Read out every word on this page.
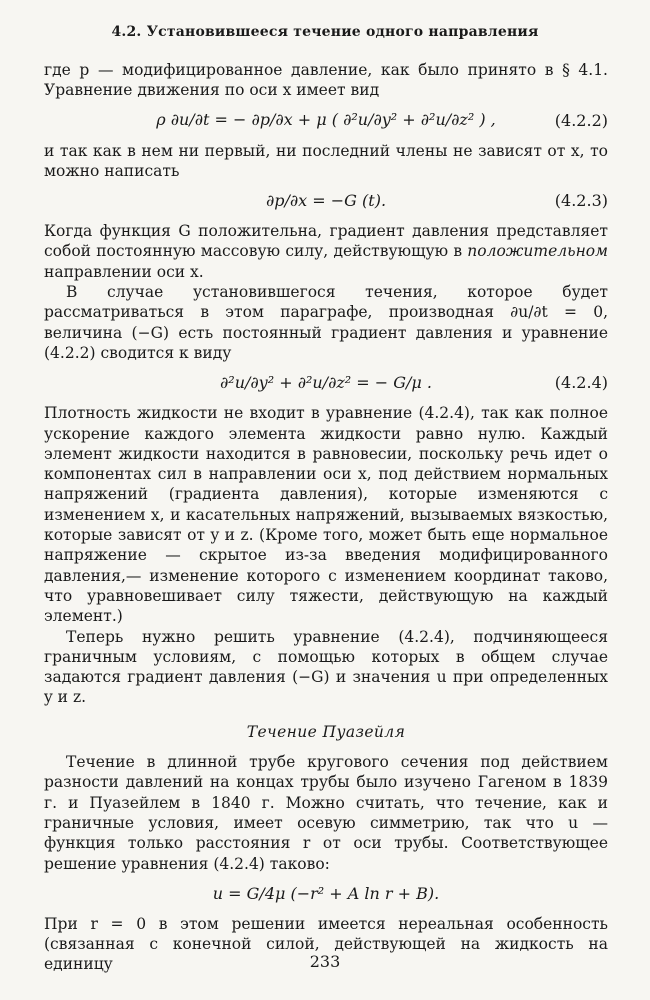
4.2. Установившееся течение одного направления

где p — модифицированное давление, как было принято в § 4.1. Уравнение движения по оси x имеет вид

ρ ∂u/∂t
= − ∂p/∂x + μ ( ∂²u/∂y² + ∂²u/∂z² ) ,	(4.2.2)

и так как в нем ни первый, ни последний члены не зависят от x, то можно написать

∂p/∂x = −G (t).	(4.2.3)

Когда функция G положительна, градиент давления представляет собой постоянную массовую силу, действующую в положительном направлении оси x.

В случае установившегося течения, которое будет рассматриваться в этом параграфе, производная ∂u/∂t = 0, величина (−G) есть постоянный градиент давления и уравнение (4.2.2) сводится к виду

∂²u/∂y² + ∂²u/∂z² = − G/μ .	(4.2.4)

Плотность жидкости не входит в уравнение (4.2.4), так как полное ускорение каждого элемента жидкости равно нулю. Каждый элемент жидкости находится в равновесии, поскольку речь идет о компонентах сил в направлении оси x, под действием нормальных напряжений (градиента давления), которые изменяются с изменением x, и касательных напряжений, вызываемых вязкостью, которые зависят от y и z. (Кроме того, может быть еще нормальное напряжение — скрытое из-за введения модифицированного давления,— изменение которого с изменением координат таково, что уравновешивает силу тяжести, действующую на каждый элемент.)

Теперь нужно решить уравнение (4.2.4), подчиняющееся граничным условиям, с помощью которых в общем случае задаются градиент давления (−G) и значения u при определенных y и z.

Течение Пуазейля

Течение в длинной трубе кругового сечения под действием разности давлений на концах трубы было изучено Гагеном в 1839 г. и Пуазейлем в 1840 г. Можно считать, что течение, как и граничные условия, имеет осевую симметрию, так что u — функция только расстояния r от оси трубы. Соответствующее решение уравнения (4.2.4) таково:

u = G/4μ (−r² + A ln r + B).

При r = 0 в этом решении имеется нереальная особенность (связанная с конечной силой, действующей на жидкость на единицу	233
